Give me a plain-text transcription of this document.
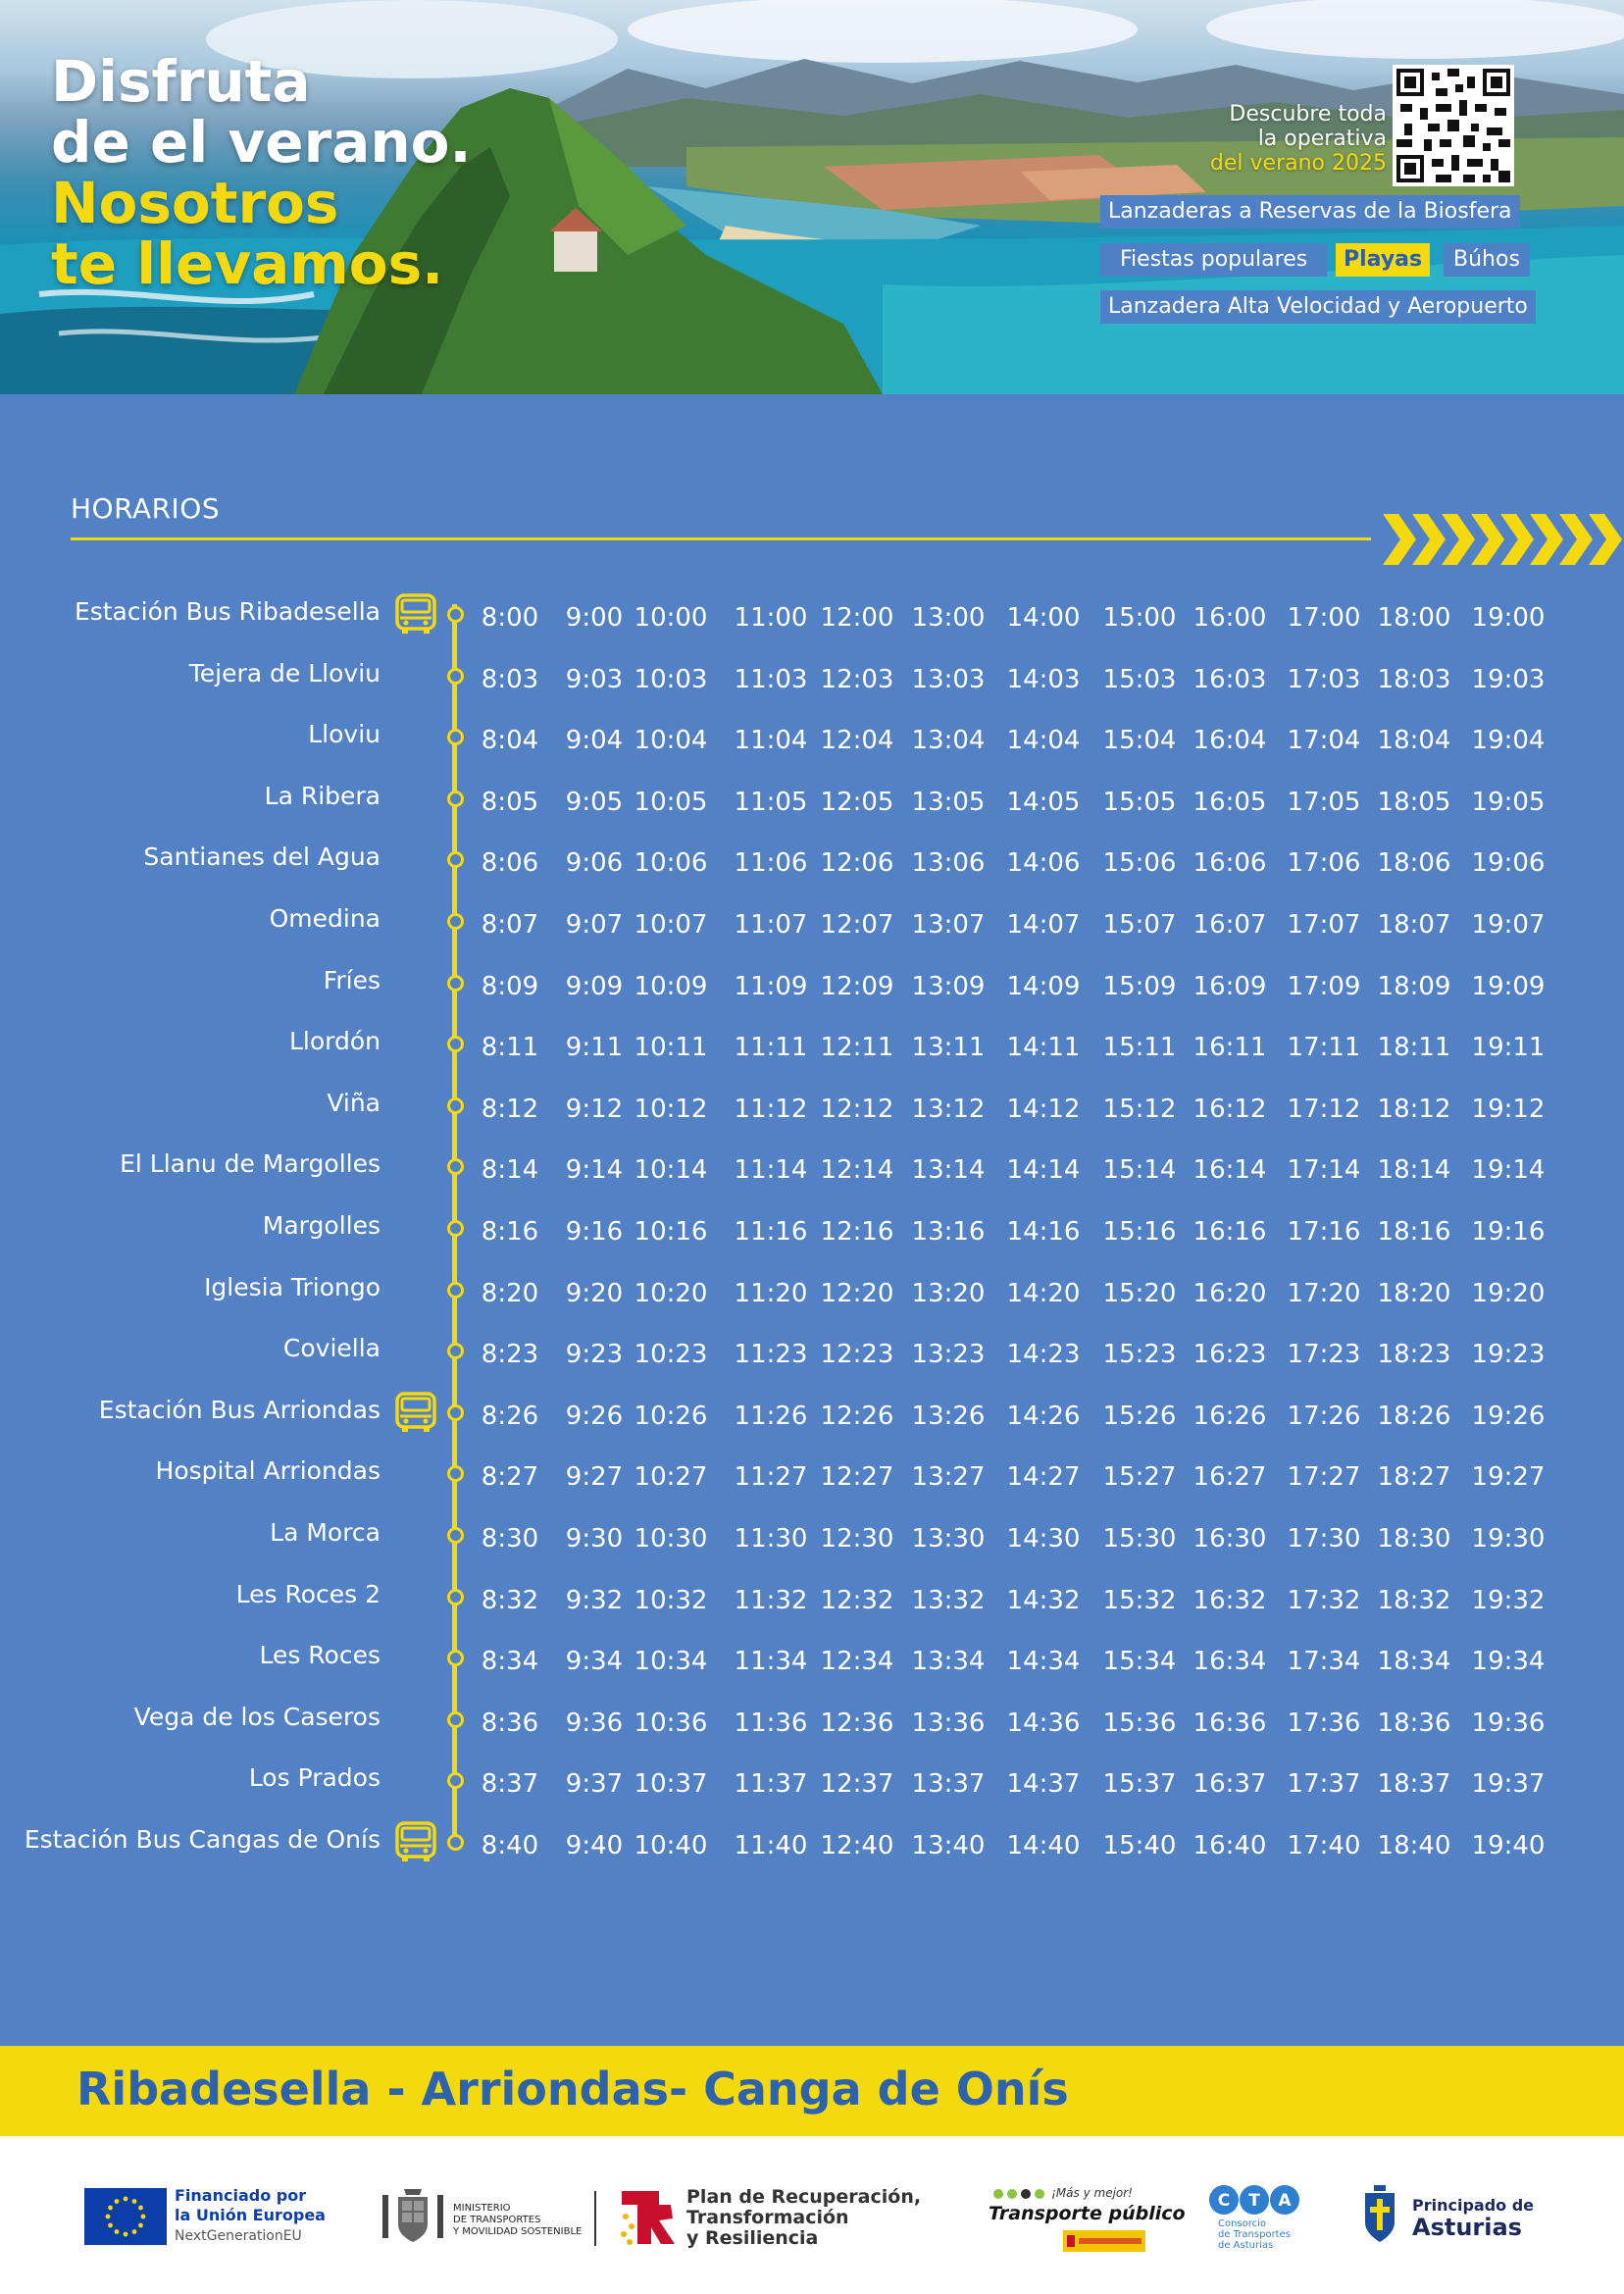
Disfruta
de el verano.
Nosotros
te llevamos.
Descubre toda
la operativa
del verano 2025
Lanzaderas a Reservas de la Biosfera
Fiestas populares	Playas	Búhos
Lanzadera Alta Velocidad y Aeropuerto
HORARIOS
Estación Bus Ribadesella	8:00	9:00 10:00 11:00 12:00 13:00 14:00 15:00 16:00 17:00 18:00 19:00
Tejera de Lloviu	8:03	9:03 10:03 11:03 12:03 13:03 14:03 15:03 16:03 17:03 18:03 19:03
Lloviu	8:04	9:04 10:04 11:04 12:04 13:04 14:04 15:04 16:04 17:04 18:04 19:04
La Ribera	8:05	9:05 10:05 11:05 12:05 13:05 14:05 15:05 16:05 17:05 18:05 19:05
Santianes del Agua	8:06	9:06 10:06 11:06 12:06 13:06 14:06 15:06 16:06 17:06 18:06 19:06
Omedina	8:07	9:07 10:07 11:07 12:07 13:07 14:07 15:07 16:07 17:07 18:07 19:07
Fríes	8:09	9:09 10:09 11:09 12:09 13:09 14:09 15:09 16:09 17:09 18:09 19:09
Llordón	8:11	9:11 10:11 11:11 12:11 13:11 14:11 15:11 16:11 17:11 18:11 19:11
Viña	8:12	9:12 10:12 11:12 12:12 13:12 14:12 15:12 16:12 17:12 18:12 19:12
El Llanu de Margolles	8:14	9:14 10:14 11:14 12:14 13:14 14:14 15:14 16:14 17:14 18:14 19:14
Margolles	8:16	9:16 10:16 11:16 12:16 13:16 14:16 15:16 16:16 17:16 18:16 19:16
Iglesia Triongo	8:20	9:20 10:20 11:20 12:20 13:20 14:20 15:20 16:20 17:20 18:20 19:20
Coviella	8:23	9:23 10:23 11:23 12:23 13:23 14:23 15:23 16:23 17:23 18:23 19:23
Estación Bus Arriondas	8:26	9:26 10:26 11:26 12:26 13:26 14:26 15:26 16:26 17:26 18:26 19:26
Hospital Arriondas	8:27	9:27 10:27 11:27 12:27 13:27 14:27 15:27 16:27 17:27 18:27 19:27
La Morca	8:30	9:30 10:30 11:30 12:30 13:30 14:30 15:30 16:30 17:30 18:30 19:30
Les Roces 2	8:32	9:32 10:32 11:32 12:32 13:32 14:32 15:32 16:32 17:32 18:32 19:32
Les Roces	8:34	9:34 10:34 11:34 12:34 13:34 14:34 15:34 16:34 17:34 18:34 19:34
Vega de los Caseros	8:36	9:36 10:36 11:36 12:36 13:36 14:36 15:36 16:36 17:36 18:36 19:36
Los Prados	8:37	9:37 10:37 11:37 12:37 13:37 14:37 15:37 16:37 17:37 18:37 19:37
Estación Bus Cangas de Onís	8:40	9:40 10:40 11:40 12:40 13:40 14:40 15:40 16:40 17:40 18:40 19:40
Ribadesella - Arriondas- Canga de Onís
Financiado por
la Unión Europea
NextGenerationEU
MINISTERIO
DE TRANSPORTES
Y MOVILIDAD SOSTENIBLE
Plan de Recuperación,
Transformación
y Resiliencia
¡Más y mejor!
Transporte público
C T A
Consorcio
de Transportes
de Asturias
Principado de
Asturias
